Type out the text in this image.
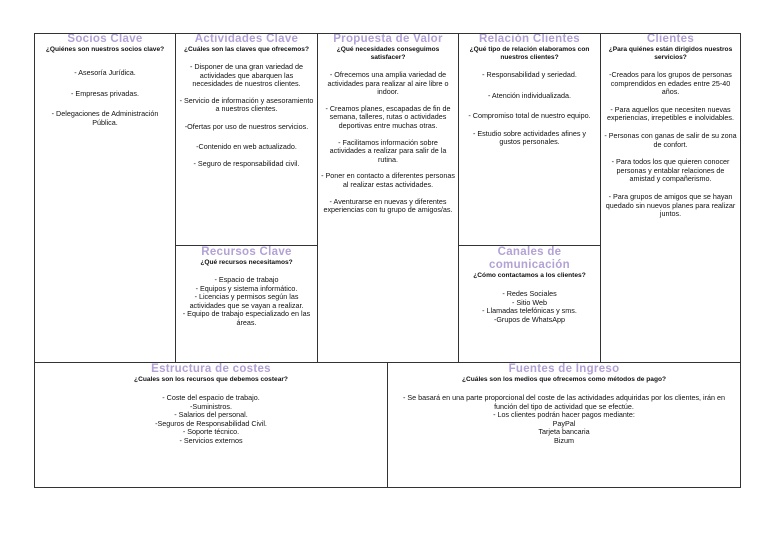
Socios Clave
¿Quiénes son nuestros socios clave?
- Asesoría Jurídica.
- Empresas privadas.
- Delegaciones de Administración Pública.
Actividades Clave
¿Cuáles son las claves que ofrecemos?
- Disponer de una gran variedad de actividades que abarquen las necesidades de nuestros clientes.
- Servicio de información y asesoramiento a nuestros clientes.
-Ofertas por uso de nuestros servicios.
-Contenido en web actualizado.
- Seguro de responsabilidad civil.
Recursos Clave
¿Qué recursos necesitamos?
- Espacio de trabajo
- Equipos y sistema informático.
- Licencias y permisos según las actividades que se vayan a realizar.
- Equipo de trabajo especializado en las áreas.
Propuesta de Valor
¿Qué necesidades conseguimos satisfacer?
- Ofrecemos una amplia variedad de actividades para realizar al aire libre o indoor.
- Creamos planes, escapadas de fin de semana, talleres, rutas o actividades deportivas entre muchas otras.
- Facilitamos información sobre actividades a realizar para salir de la rutina.
- Poner en contacto a diferentes personas al realizar estas actividades.
- Aventurarse en nuevas y diferentes experiencias con tu grupo de amigos/as.
Relación Clientes
¿Qué tipo de relación elaboramos con nuestros clientes?
- Responsabilidad y seriedad.
- Atención individualizada.
- Compromiso total de nuestro equipo.
- Estudio sobre actividades afines y gustos personales.
Canales de
comunicación
¿Cómo contactamos a los clientes?
- Redes Sociales
- Sitio Web
- Llamadas telefónicas y sms.
-Grupos de WhatsApp
Clientes
¿Para quiénes están dirigidos nuestros servicios?
-Creados para los grupos de personas comprendidos en edades entre 25-40 años.
- Para aquellos que necesiten nuevas experiencias, irrepetibles e inolvidables.
- Personas con ganas de salir de su zona de confort.
- Para todos los que quieren conocer personas y entablar relaciones de amistad y compañerismo.
- Para grupos de amigos que se hayan quedado sin nuevos planes para realizar juntos.
Estructura de costes
¿Cuales son los recursos que debemos costear?
- Coste del espacio de trabajo.
-Suministros.
- Salarios del personal.
-Seguros de Responsabilidad Civil.
- Soporte técnico.
- Servicios externos
Fuentes de Ingreso
¿Cuáles son los medios que ofrecemos como métodos de pago?
- Se basará en una parte proporcional del coste de las actividades adquiridas por los clientes, irán en función del tipo de actividad que se efectúe.
- Los clientes podrán hacer pagos mediante:
PayPal
Tarjeta bancaria
Bizum
